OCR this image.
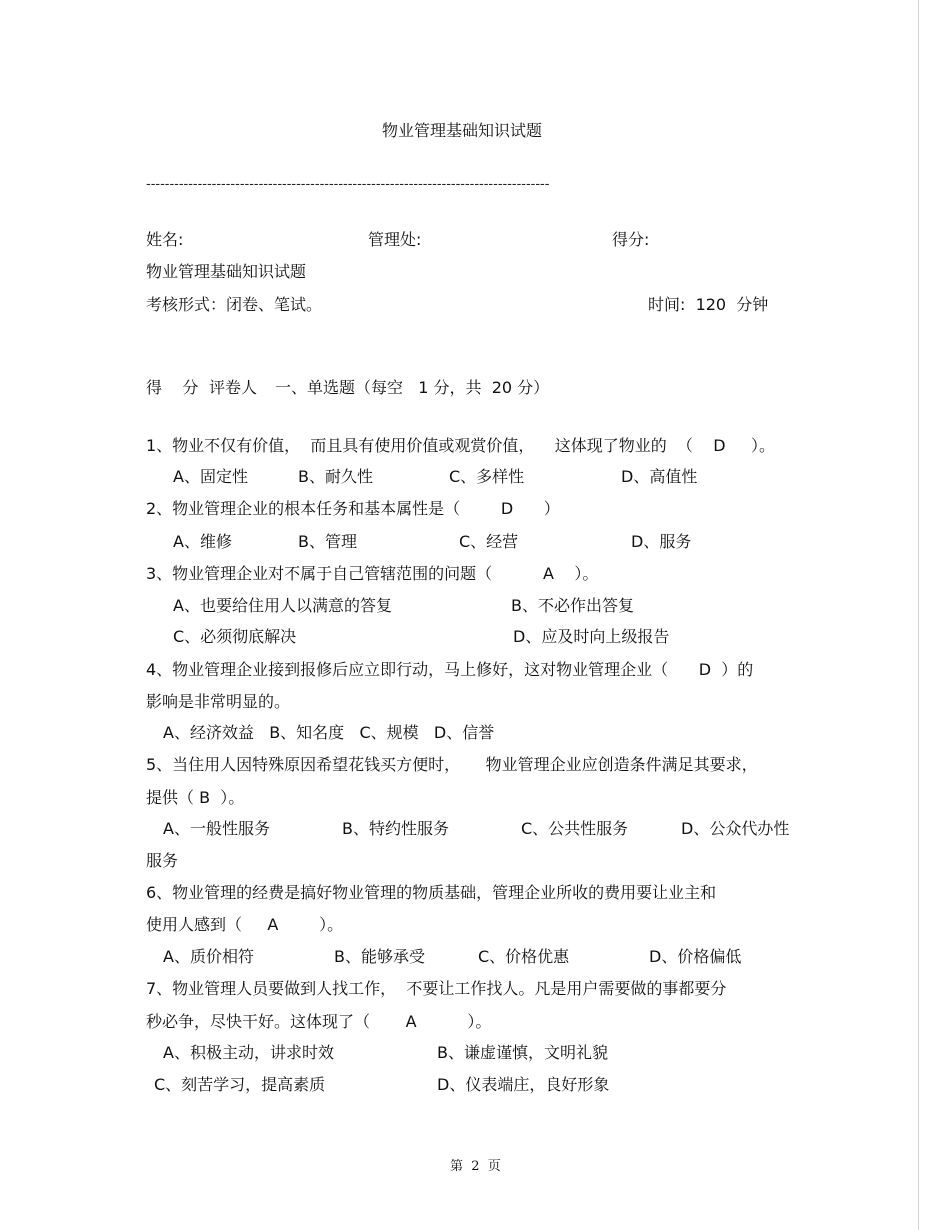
物业管理基础知识试题
--------------------------------------------------------------------------------------
姓名:	管理处:	得分:
物业管理基础知识试题
考核形式：闭卷、笔试。	时间:  120  分钟
得    分 评卷人 一、单选题（每空   1 分，共  20 分）
1、物业不仅有价值，  而且具有使用价值或观赏价值，    这体现了物业的  （    D     ）。
A、固定性	B、耐久性	C、多样性	D、高值性
2、物业管理企业的根本任务和基本属性是（        D      ）
A、维修	B、管理	C、经营	D、服务
3、物业管理企业对不属于自己管辖范围的问题（          A    ）。
A、也要给住用人以满意的答复	B、不必作出答复
C、必须彻底解决	D、应及时向上级报告
4、物业管理企业接到报修后应立即行动，马上修好，这对物业管理企业（      D  ）的
影响是非常明显的。
A、经济效益   B、知名度   C、规模   D、信誉
5、当住用人因特殊原因希望花钱买方便时，     物业管理企业应创造条件满足其要求，
提供（ B  ）。
A、一般性服务	B、特约性服务	C、公共性服务	D、公众代办性
服务
6、物业管理的经费是搞好物业管理的物质基础，管理企业所收的费用要让业主和
使用人感到（     A        ）。
A、质价相符	B、能够承受	C、价格优惠	D、价格偏低
7、物业管理人员要做到人找工作，  不要让工作找人。凡是用户需要做的事都要分
秒必争，尽快干好。这体现了（       A          ）。
A、积极主动，讲求时效	B、谦虚谨慎，文明礼貌
C、刻苦学习，提高素质	D、仪表端庄，良好形象
第  2  页
